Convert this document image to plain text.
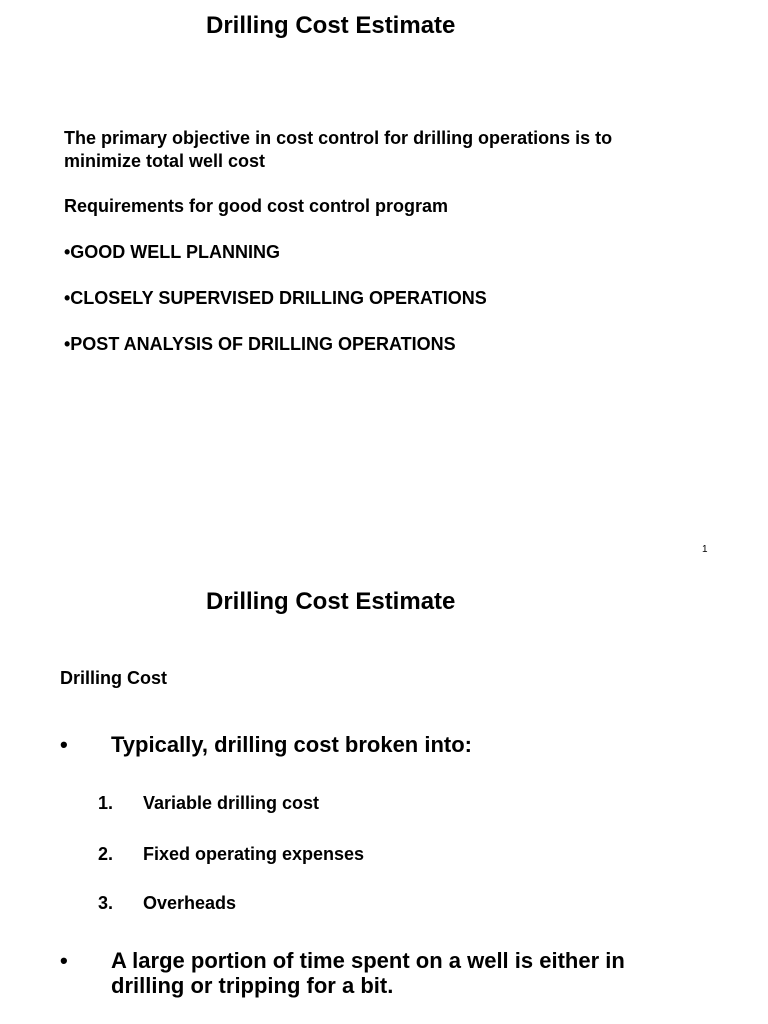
Drilling Cost Estimate
The primary objective in cost control for drilling operations is to minimize total well cost
Requirements for good cost control program
•GOOD WELL PLANNING
•CLOSELY SUPERVISED DRILLING OPERATIONS
•POST ANALYSIS OF DRILLING OPERATIONS
1
Drilling Cost Estimate
Drilling Cost
• Typically, drilling cost broken into:
1. Variable drilling cost
2. Fixed operating expenses
3. Overheads
• A large portion of time spent on a well is either in drilling or tripping for a bit.
